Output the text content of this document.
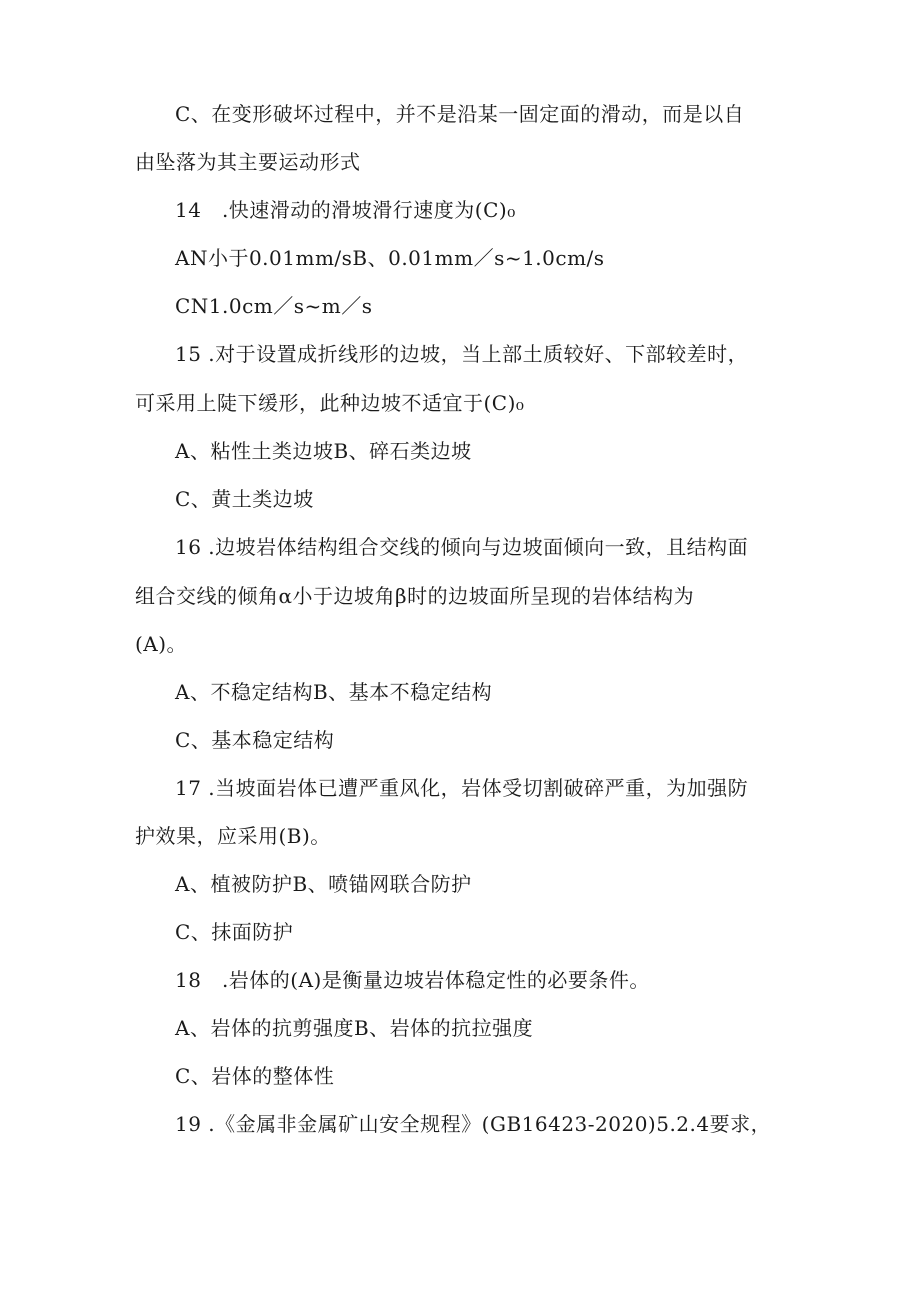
C、在变形破坏过程中，并不是沿某一固定面的滑动，而是以自
由坠落为其主要运动形式
14　.快速滑动的滑坡滑行速度为(C)₀
AN小于0.01mm/sB、0.01mm／s~1.0cm/s
CN1.0cm／s~m／s
15 .对于设置成折线形的边坡，当上部土质较好、下部较差时，
可采用上陡下缓形，此种边坡不适宜于(C)₀
A、粘性土类边坡B、碎石类边坡
C、黄土类边坡
16 .边坡岩体结构组合交线的倾向与边坡面倾向一致，且结构面
组合交线的倾角α小于边坡角β时的边坡面所呈现的岩体结构为
(A)。
A、不稳定结构B、基本不稳定结构
C、基本稳定结构
17 .当坡面岩体已遭严重风化，岩体受切割破碎严重，为加强防
护效果，应采用(B)。
A、植被防护B、喷锚网联合防护
C、抹面防护
18　.岩体的(A)是衡量边坡岩体稳定性的必要条件。
A、岩体的抗剪强度B、岩体的抗拉强度
C、岩体的整体性
19 .《金属非金属矿山安全规程》(GB16423-2020)5.2.4要求，
